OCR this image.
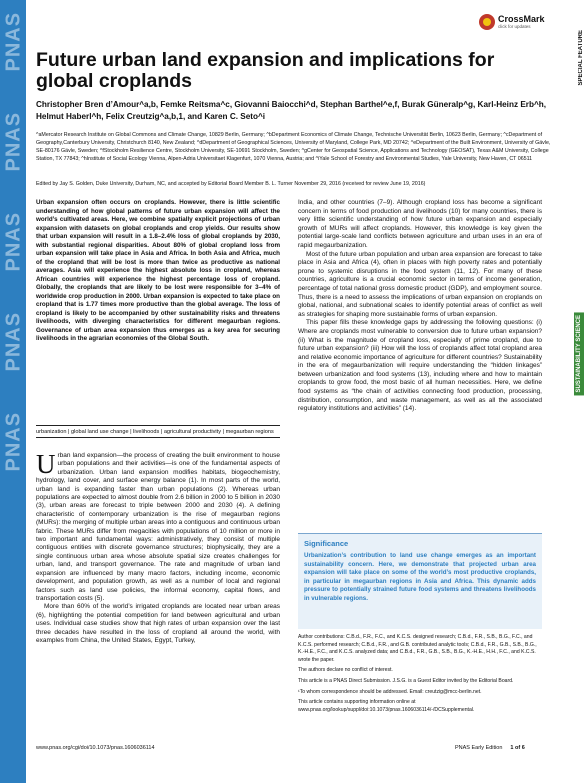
PNAS
PNAS
PNAS
PNAS
PNAS
SPECIAL FEATURE
SUSTAINABILITY SCIENCE
CrossMark
click for updates
Future urban land expansion and implications for global croplands
Christopher Bren d’Amour^a,b, Femke Reitsma^c, Giovanni Baiocchi^d, Stephan Barthel^e,f, Burak Güneralp^g, Karl-Heinz Erb^h, Helmut Haberl^h, Felix Creutzig^a,b,1, and Karen C. Seto^i
^aMercator Research Institute on Global Commons and Climate Change, 10829 Berlin, Germany; ^bDepartment Economics of Climate Change, Technische Universität Berlin, 10623 Berlin, Germany; ^cDepartment of Geography,Canterbury University, Christchurch 8140, New Zealand; ^dDepartment of Geographical Sciences, University of Maryland, College Park, MD 20742; ^eDepartment of the Built Environment, University of Gävle, SE-80176 Gävle, Sweden; ^fStockholm Resilience Centre, Stockholm University, SE-10691 Stockholm, Sweden; ^gCenter for Geospatial Science, Applications and Technology (GEOSAT), Texas A&M University, College Station, TX 77843; ^hInstitute of Social Ecology Vienna, Alpen-Adria Universitaet Klagenfurt, 1070 Vienna, Austria; and ^iYale School of Forestry and Environmental Studies, Yale University, New Haven, CT 06511
Edited by Jay S. Golden, Duke University, Durham, NC, and accepted by Editorial Board Member B. L. Turner November 29, 2016 (received for review June 19, 2016)
Urban expansion often occurs on croplands. However, there is little scientific understanding of how global patterns of future urban expansion will affect the world’s cultivated areas. Here, we combine spatially explicit projections of urban expansion with datasets on global croplands and crop yields. Our results show that urban expansion will result in a 1.8–2.4% loss of global croplands by 2030, with substantial regional disparities. About 80% of global cropland loss from urban expansion will take place in Asia and Africa. In both Asia and Africa, much of the cropland that will be lost is more than twice as productive as national averages. Asia will experience the highest absolute loss in cropland, whereas African countries will experience the highest percentage loss of cropland. Globally, the croplands that are likely to be lost were responsible for 3–4% of worldwide crop production in 2000. Urban expansion is expected to take place on cropland that is 1.77 times more productive than the global average. The loss of cropland is likely to be accompanied by other sustainability risks and threatens livelihoods, with diverging characteristics for different megaurban regions. Governance of urban area expansion thus emerges as a key area for securing livelihoods in the agrarian economies of the Global South.
urbanization | global land use change | livelihoods | agricultural productivity | megaurban regions

Urban land expansion—the process of creating the built environment to house urban populations and their activities—is one of the fundamental aspects of urbanization. Urban land expansion modifies habitats, biogeochemistry, hydrology, land cover, and surface energy balance (1). In most parts of the world, urban land is expanding faster than urban populations (2). Whereas urban populations are expected to almost double from 2.6 billion in 2000 to 5 billion in 2030 (3), urban areas are forecast to triple between 2000 and 2030 (4). A defining characteristic of contemporary urbanization is the rise of megaurban regions (MURs): the merging of multiple urban areas into a contiguous and continuous urban fabric. These MURs differ from megacities with populations of 10 million or more in two important and fundamental ways: administratively, they consist of multiple contiguous entities with discrete governance structures; biophysically, they are a single continuous urban area whose absolute spatial size creates challenges for urban, land, and transport governance. The rate and magnitude of urban land expansion are influenced by many macro factors, including income, economic development, and population growth, as well as a number of local and regional factors such as land use policies, the informal economy, capital flows, and transportation costs (5).

More than 60% of the world’s irrigated croplands are located near urban areas (6), highlighting the potential competition for land between agricultural and urban uses. Individual case studies show that high rates of urban expansion over the last three decades have resulted in the loss of cropland all around the world, with examples from China, the United States, Egypt, Turkey,

India, and other countries (7–9). Although cropland loss has become a significant concern in terms of food production and livelihoods (10) for many countries, there is very little scientific understanding of how future urban expansion and especially growth of MURs will affect croplands. However, this knowledge is key given the potential large-scale land conflicts between agriculture and urban uses in an era of rapid megaurbanization.

Most of the future urban population and urban area expansion are forecast to take place in Asia and Africa (4), often in places with high poverty rates and potentially prone to systemic disruptions in the food system (11, 12). For many of these countries, agriculture is a crucial economic sector in terms of income generation, percentage of total national gross domestic product (GDP), and employment source. Thus, there is a need to assess the implications of urban expansion on croplands on global, national, and subnational scales to identify potential areas of conflict as well as strategies for shaping more sustainable forms of urban expansion.

This paper fills these knowledge gaps by addressing the following questions: (i) Where are croplands most vulnerable to conversion due to future urban expansion? (ii) What is the magnitude of cropland loss, especially of prime cropland, due to future urban expansion? (iii) How will the loss of croplands affect total cropland area and relative economic importance of agriculture for different countries? Sustainability in the era of megaurbanization will require understanding the “hidden linkages” between urbanization and food systems (13), including where and how to maintain croplands to grow food, the most basic of all human necessities. Here, we define food systems as “the chain of activities connecting food production, processing, distribution, consumption, and waste management, as well as all the associated regulatory institutions and activities” (14).

Significance
Urbanization’s contribution to land use change emerges as an important sustainability concern. Here, we demonstrate that projected urban area expansion will take place on some of the world’s most productive croplands, in particular in megaurban regions in Asia and Africa. This dynamic adds pressure to potentially strained future food systems and threatens livelihoods in vulnerable regions.

Author contributions: C.B.d., F.R., F.C., and K.C.S. designed research; C.B.d., F.R., S.B., B.G., F.C., and K.C.S. performed research; C.B.d., F.R., and G.B. contributed analytic tools; C.B.d., F.R., G.B., S.B., B.G., K.-H.E., F.C., and K.C.S. analyzed data; and C.B.d., F.R., G.B., S.B., B.G., K.-H.E., H.H., F.C., and K.C.S. wrote the paper.

The authors declare no conflict of interest.

This article is a PNAS Direct Submission. J.S.G. is a Guest Editor invited by the Editorial Board.

¹To whom correspondence should be addressed. Email: creutzig@mcc-berlin.net.

This article contains supporting information online at www.pnas.org/lookup/suppl/doi:10.1073/pnas.1606036114/-/DCSupplemental.

www.pnas.org/cgi/doi/10.1073/pnas.1606036114	PNAS Early Edition 1 of 6
